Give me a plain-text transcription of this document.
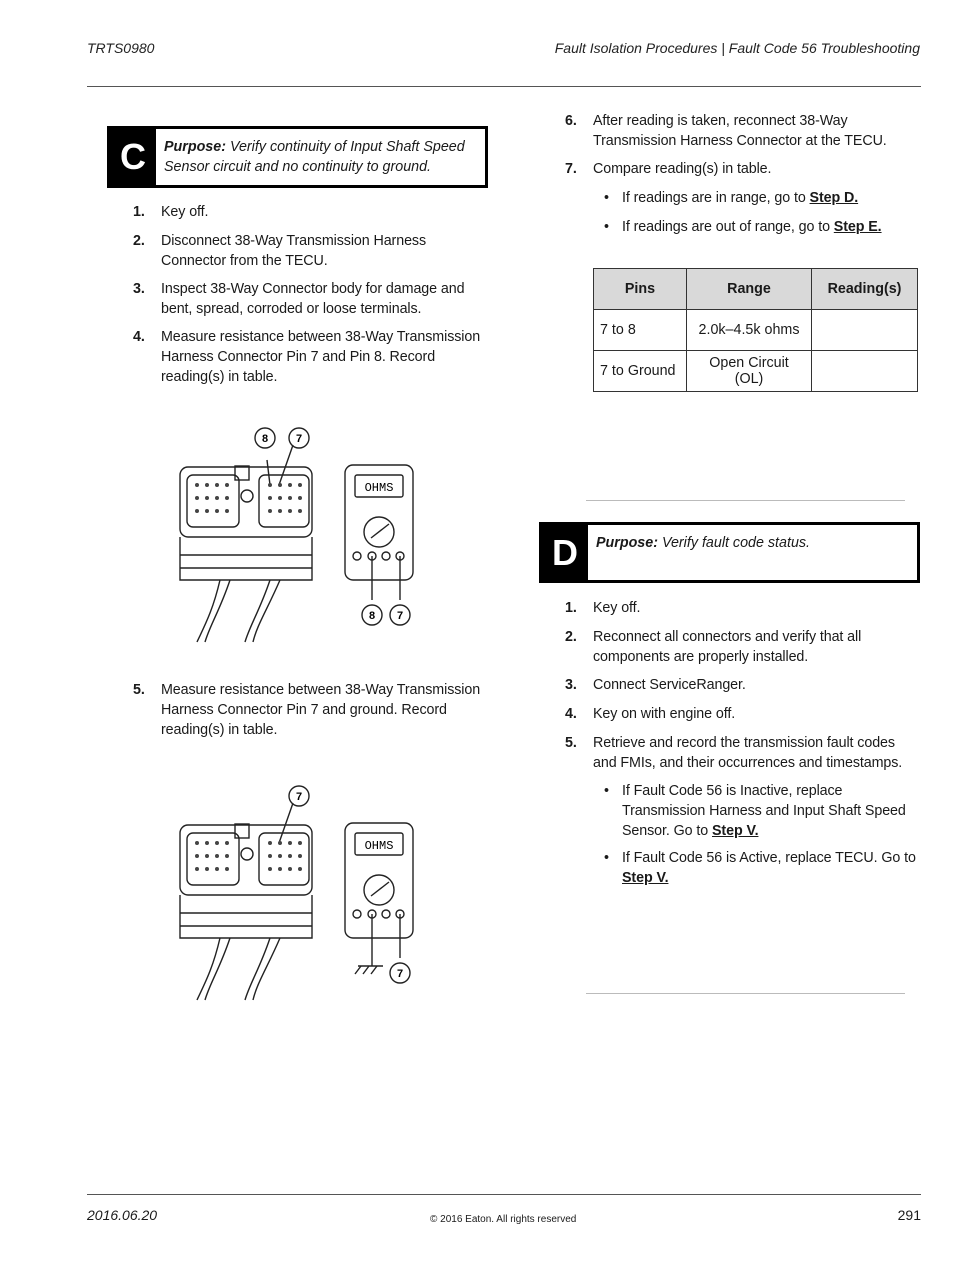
TRTS0980	Fault Isolation Procedures | Fault Code 56 Troubleshooting
C	Purpose: Verify continuity of Input Shaft Speed Sensor circuit and no continuity to ground.
1. Key off.
2. Disconnect 38-Way Transmission Harness Connector from the TECU.
3. Inspect 38-Way Connector body for damage and bent, spread, corroded or loose terminals.
4. Measure resistance between 38-Way Transmission Harness Connector Pin 7 and Pin 8. Record reading(s) in table.
8	7
8 7
OHMS
5. Measure resistance between 38-Way Transmission Harness Connector Pin 7 and ground. Record reading(s) in table.
7
7
OHMS
6. After reading is taken, reconnect 38-Way Transmission Harness Connector at the TECU.
7. Compare reading(s) in table.
• If readings are in range, go to Step D.
• If readings are out of range, go to Step E.
Pins	Range	Reading(s)
7 to 8	2.0k–4.5k ohms	
7 to Ground	Open Circuit (OL)	
D	Purpose: Verify fault code status.
1. Key off.
2. Reconnect all connectors and verify that all components are properly installed.
3. Connect ServiceRanger.
4. Key on with engine off.
5. Retrieve and record the transmission fault codes and FMIs, and their occurrences and timestamps.
• If Fault Code 56 is Inactive, replace Transmission Harness and Input Shaft Speed Sensor. Go to Step V.
• If Fault Code 56 is Active, replace TECU. Go to Step V.
2016.06.20	© 2016 Eaton. All rights reserved	291
